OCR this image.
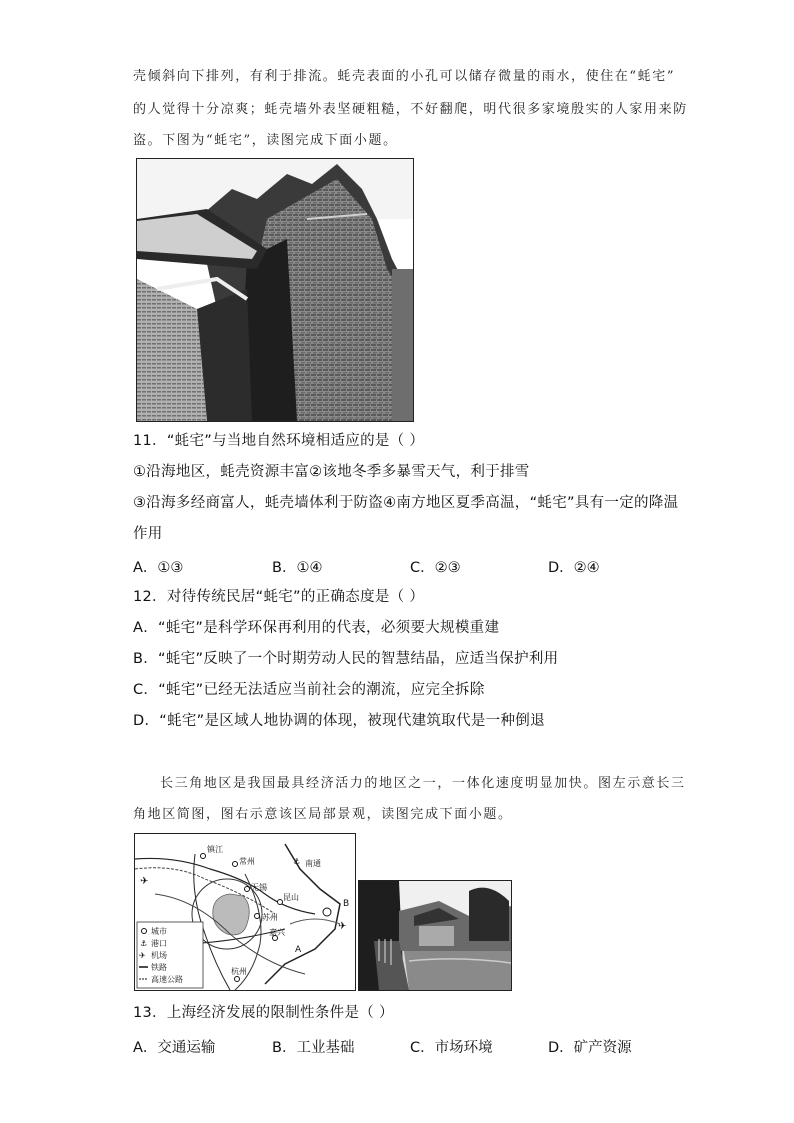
壳倾斜向下排列，有利于排流。蚝壳表面的小孔可以储存微量的雨水，使住在“蚝宅”
的人觉得十分凉爽；蚝壳墙外表坚硬粗糙，不好翻爬，明代很多家境殷实的人家用来防
盗。下图为“蚝宅”，读图完成下面小题。
11．“蚝宅”与当地自然环境相适应的是（ ）
①沿海地区，蚝壳资源丰富②该地冬季多暴雪天气，利于排雪
③沿海多经商富人，蚝壳墙体利于防盗④南方地区夏季高温，“蚝宅”具有一定的降温
作用
A．①③	B．①④	C．②③	D．②④
12．对待传统民居“蚝宅”的正确态度是（ ）
A．“蚝宅”是科学环保再利用的代表，必须要大规模重建
B．“蚝宅”反映了一个时期劳动人民的智慧结晶，应适当保护利用
C．“蚝宅”已经无法适应当前社会的潮流，应完全拆除
D．“蚝宅”是区域人地协调的体现，被现代建筑取代是一种倒退
长三角地区是我国最具经济活力的地区之一，一体化速度明显加快。图左示意长三
角地区简图，图右示意该区局部景观，读图完成下面小题。
镇江
常州	南通
⚓
无锡
昆山
苏州
嘉兴
杭州
A
B
✈
✈
城市
⚓ 港口
✈ 机场
铁路
高速公路
13．上海经济发展的限制性条件是（ ）
A．交通运输	B．工业基础	C．市场环境	D．矿产资源
